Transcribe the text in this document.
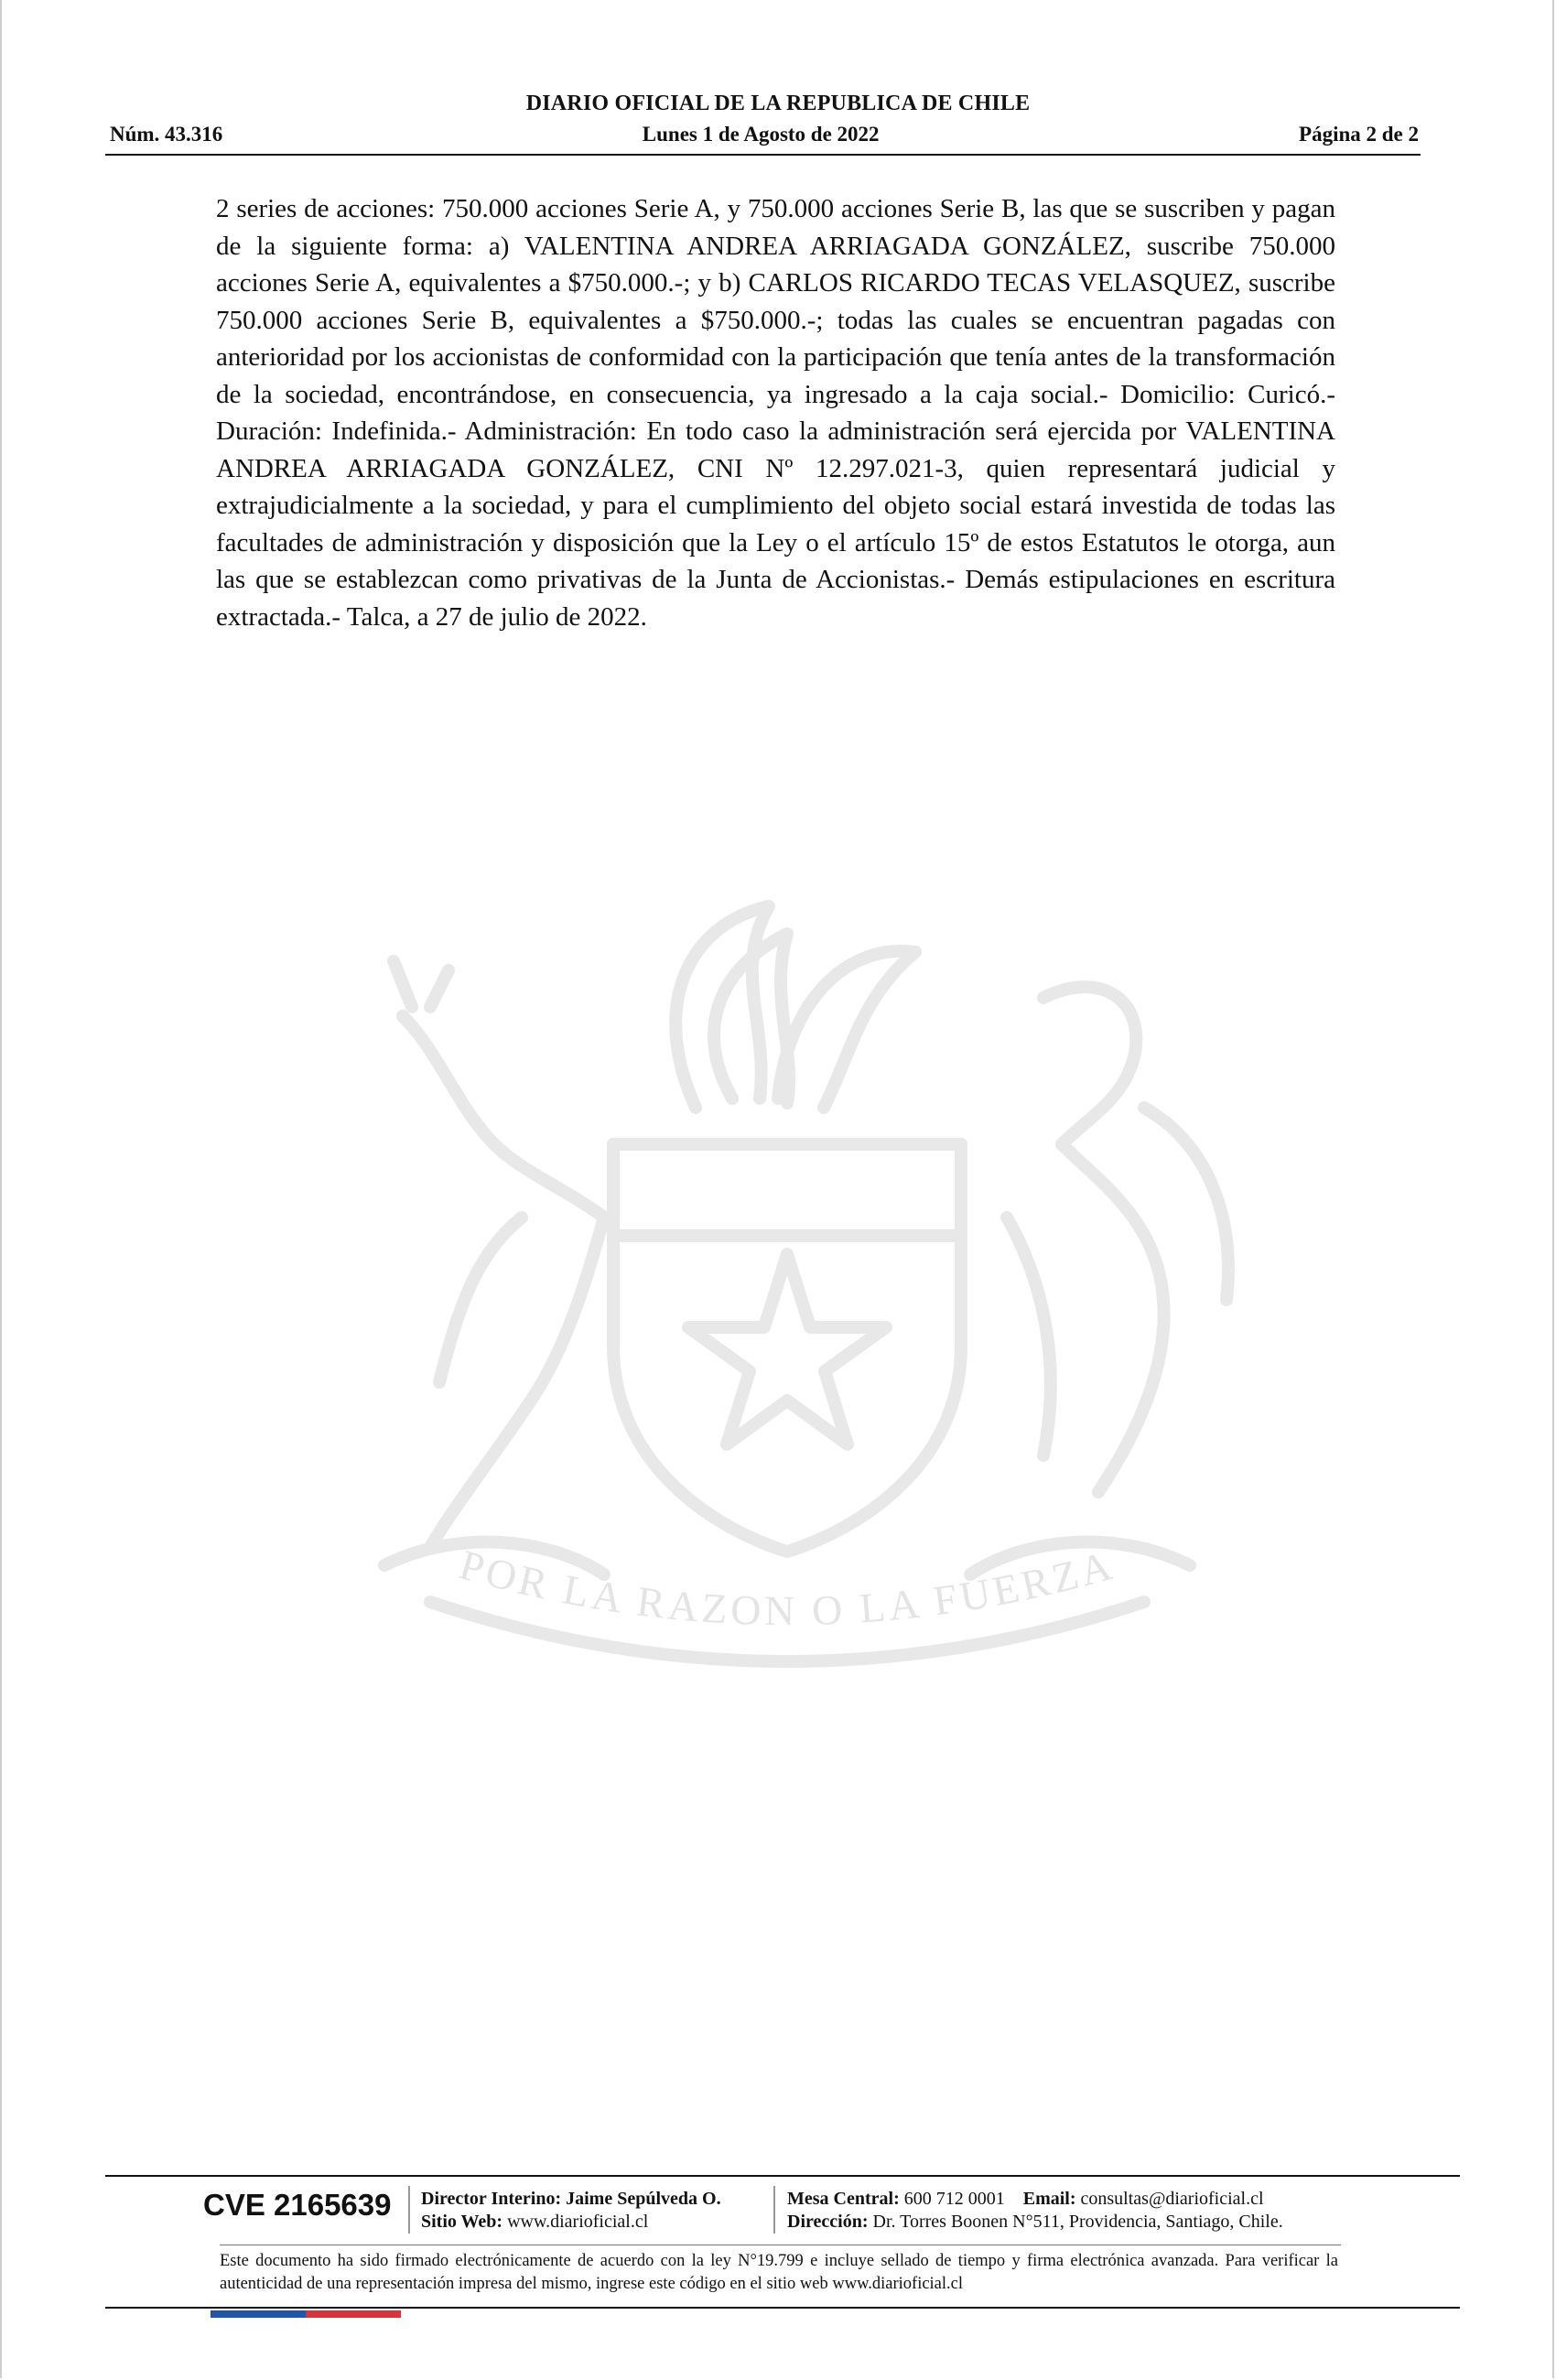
DIARIO OFICIAL DE LA REPUBLICA DE CHILE
Núm. 43.316	Lunes 1 de Agosto de 2022	Página 2 de 2
2 series de acciones: 750.000 acciones Serie A, y 750.000 acciones Serie B, las que se suscriben y pagan de la siguiente forma: a) VALENTINA ANDREA ARRIAGADA GONZÁLEZ, suscribe 750.000 acciones Serie A, equivalentes a $750.000.-; y b) CARLOS RICARDO TECAS VELASQUEZ, suscribe 750.000 acciones Serie B, equivalentes a $750.000.-; todas las cuales se encuentran pagadas con anterioridad por los accionistas de conformidad con la participación que tenía antes de la transformación de la sociedad, encontrándose, en consecuencia, ya ingresado a la caja social.- Domicilio: Curicó.- Duración: Indefinida.- Administración: En todo caso la administración será ejercida por VALENTINA ANDREA ARRIAGADA GONZÁLEZ, CNI Nº 12.297.021-3, quien representará judicial y extrajudicialmente a la sociedad, y para el cumplimiento del objeto social estará investida de todas las facultades de administración y disposición que la Ley o el artículo 15º de estos Estatutos le otorga, aun las que se establezcan como privativas de la Junta de Accionistas.- Demás estipulaciones en escritura extractada.- Talca, a 27 de julio de 2022.
POR LA RAZON O LA FUERZA
CVE 2165639 Director Interino: Jaime Sepúlveda O.
Sitio Web: www.diarioficial.cl
Mesa Central: 600 712 0001 Email: consultas@diarioficial.cl
Dirección: Dr. Torres Boonen N°511, Providencia, Santiago, Chile.
Este documento ha sido firmado electrónicamente de acuerdo con la ley N°19.799 e incluye sellado de tiempo y firma electrónica avanzada. Para verificar la autenticidad de una representación impresa del mismo, ingrese este código en el sitio web www.diarioficial.cl
